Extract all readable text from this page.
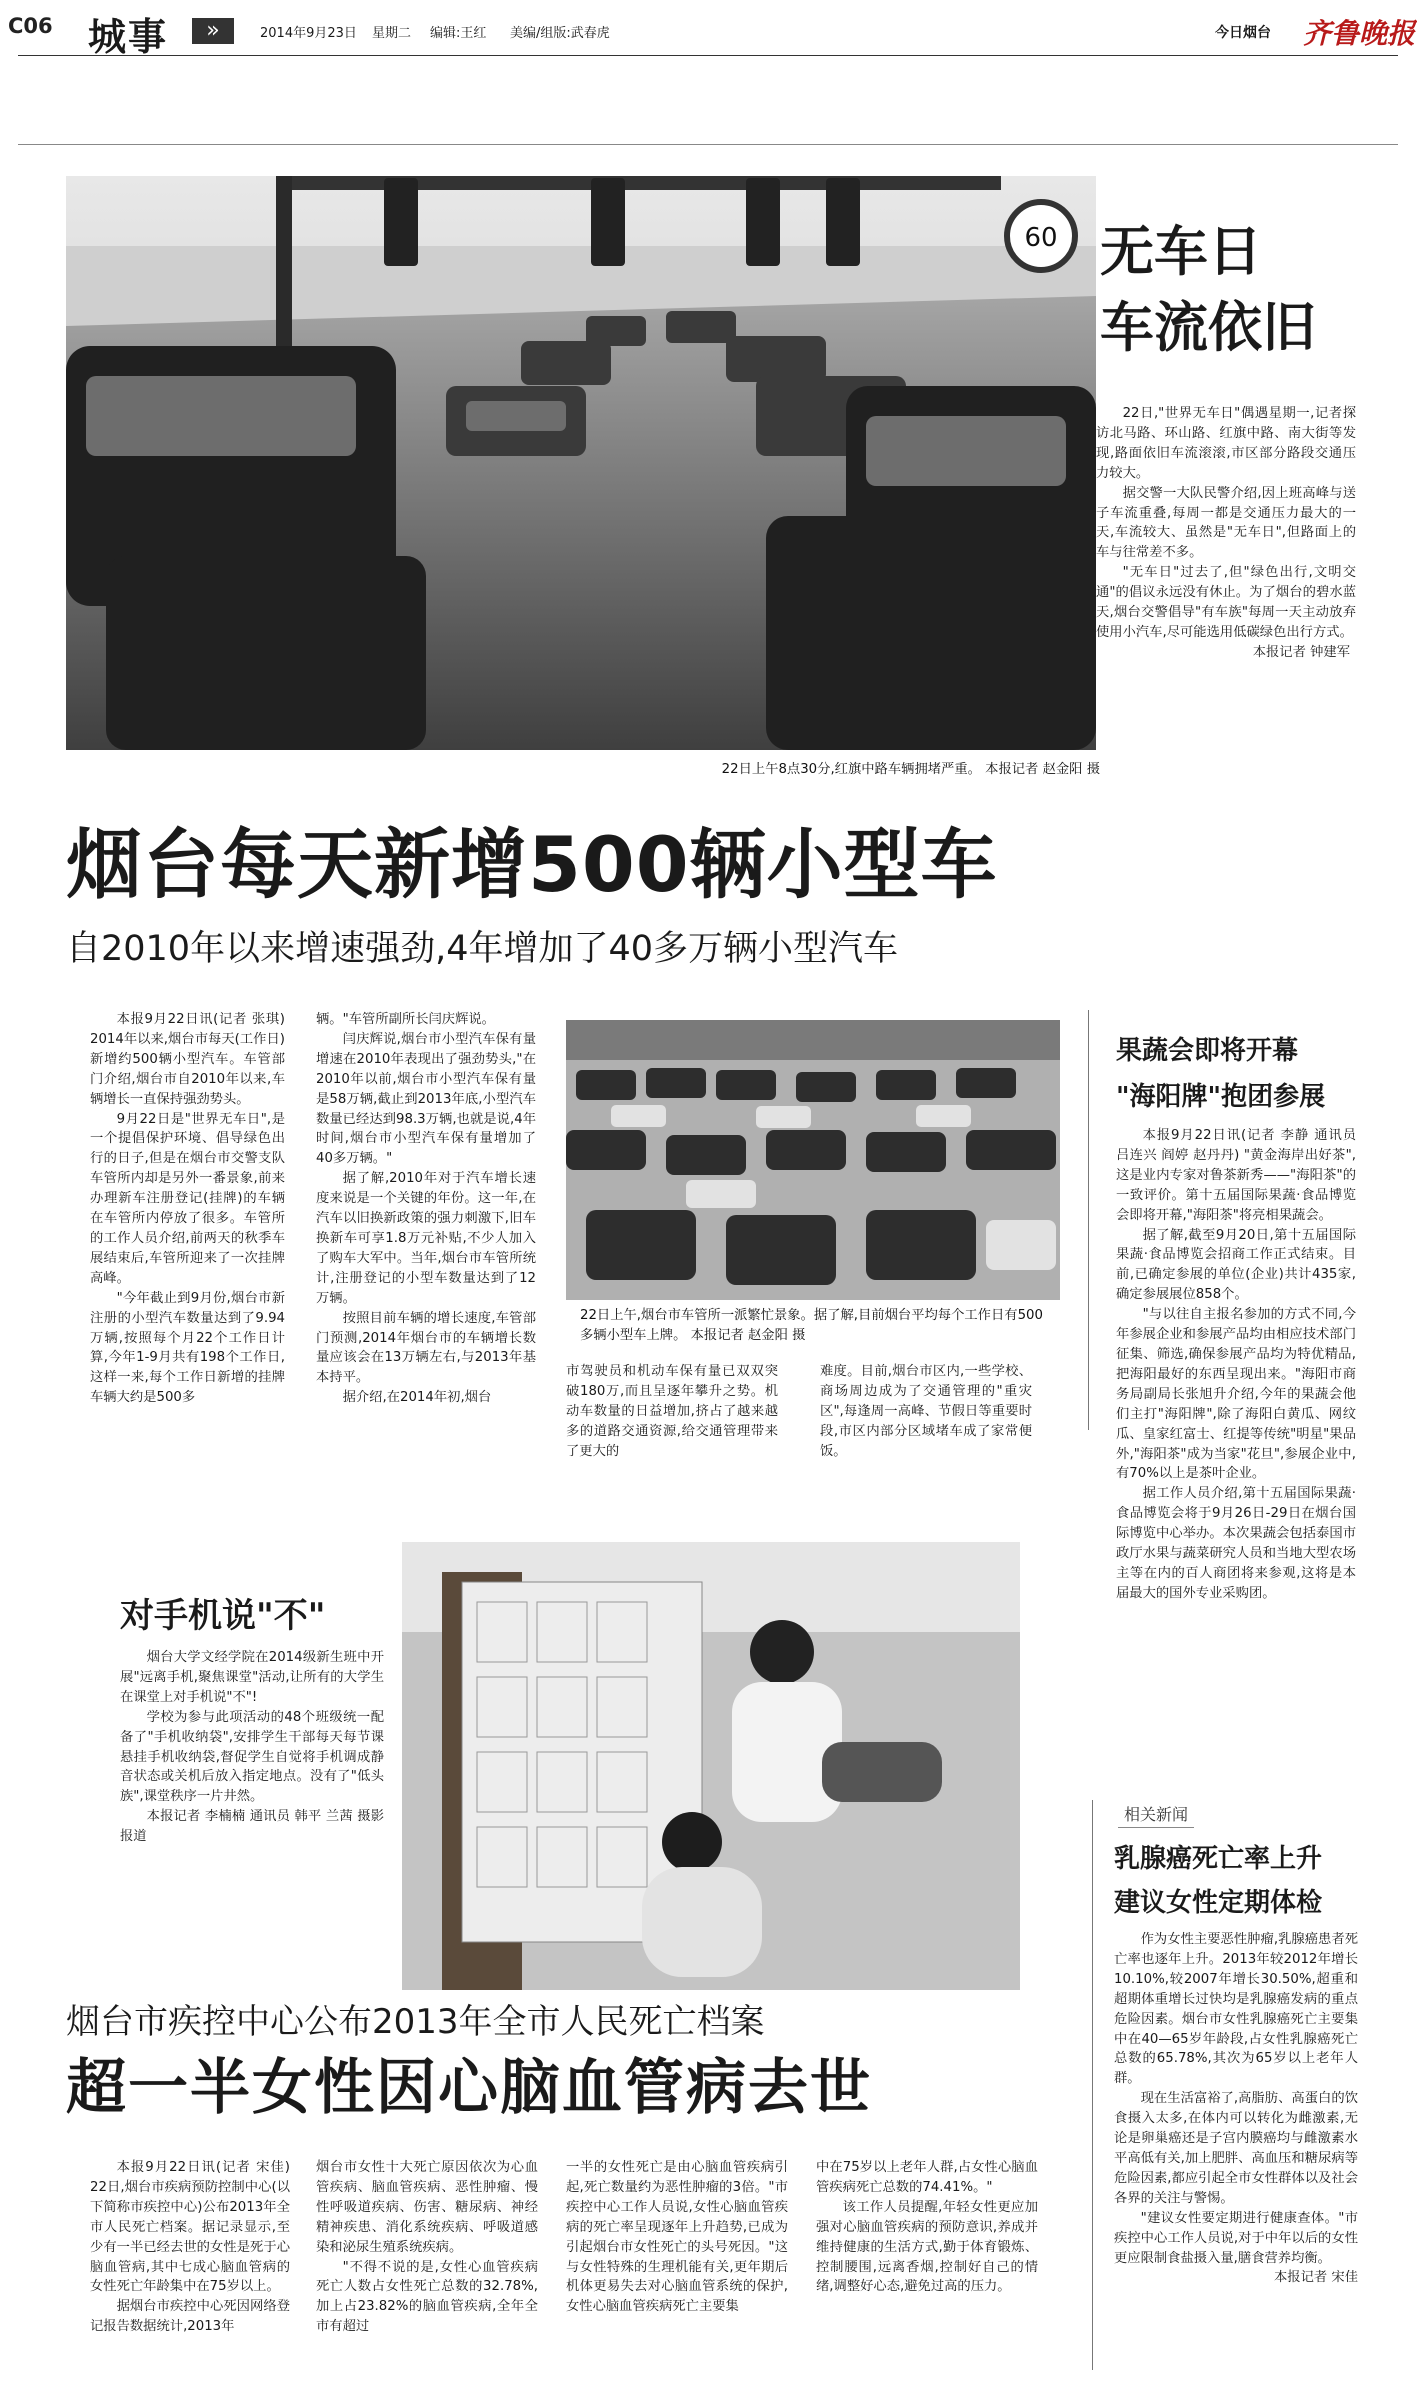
C06 城事	»	2014年9月23日 星期二 编辑:王红 美编/组版:武春虎	今日烟台 齐鲁晚报
60
22日上午8点30分,红旗中路车辆拥堵严重。 本报记者 赵金阳 摄
无车日
车流依旧

22日,"世界无车日"偶遇星期一,记者探访北马路、环山路、红旗中路、南大街等发现,路面依旧车流滚滚,市区部分路段交通压力较大。

据交警一大队民警介绍,因上班高峰与送子车流重叠,每周一都是交通压力最大的一天,车流较大、虽然是"无车日",但路面上的车与往常差不多。

"无车日"过去了,但"绿色出行,文明交通"的倡议永远没有休止。为了烟台的碧水蓝天,烟台交警倡导"有车族"每周一天主动放弃使用小汽车,尽可能选用低碳绿色出行方式。

本报记者 钟建军

烟台每天新增500辆小型车
自2010年以来增速强劲,4年增加了40多万辆小型汽车

本报9月22日讯(记者 张琪) 2014年以来,烟台市每天(工作日)新增约500辆小型汽车。车管部门介绍,烟台市自2010年以来,车辆增长一直保持强劲势头。

9月22日是"世界无车日",是一个提倡保护环境、倡导绿色出行的日子,但是在烟台市交警支队车管所内却是另外一番景象,前来办理新车注册登记(挂牌)的车辆在车管所内停放了很多。车管所的工作人员介绍,前两天的秋季车展结束后,车管所迎来了一次挂牌高峰。

"今年截止到9月份,烟台市新注册的小型汽车数量达到了9.94万辆,按照每个月22个工作日计算,今年1-9月共有198个工作日,这样一来,每个工作日新增的挂牌车辆大约是500多

辆。"车管所副所长闫庆辉说。

闫庆辉说,烟台市小型汽车保有量增速在2010年表现出了强劲势头,"在2010年以前,烟台市小型汽车保有量是58万辆,截止到2013年底,小型汽车数量已经达到98.3万辆,也就是说,4年时间,烟台市小型汽车保有量增加了40多万辆。"

据了解,2010年对于汽车增长速度来说是一个关键的年份。这一年,在汽车以旧换新政策的强力刺激下,旧车换新车可享1.8万元补贴,不少人加入了购车大军中。当年,烟台市车管所统计,注册登记的小型车数量达到了12万辆。

按照目前车辆的增长速度,车管部门预测,2014年烟台市的车辆增长数量应该会在13万辆左右,与2013年基本持平。

据介绍,在2014年初,烟台

22日上午,烟台市车管所一派繁忙景象。据了解,目前烟台平均每个工作日有500多辆小型车上牌。 本报记者 赵金阳 摄

市驾驶员和机动车保有量已双双突破180万,而且呈逐年攀升之势。机动车数量的日益增加,挤占了越来越多的道路交通资源,给交通管理带来了更大的

难度。目前,烟台市区内,一些学校、商场周边成为了交通管理的"重灾区",每逢周一高峰、节假日等重要时段,市区内部分区域堵车成了家常便饭。

果蔬会即将开幕
"海阳牌"抱团参展

本报9月22日讯(记者 李静 通讯员 吕连兴 阎婷 赵丹丹) "黄金海岸出好茶",这是业内专家对鲁茶新秀——"海阳茶"的一致评价。第十五届国际果蔬·食品博览会即将开幕,"海阳茶"将亮相果蔬会。

据了解,截至9月20日,第十五届国际果蔬·食品博览会招商工作正式结束。目前,已确定参展的单位(企业)共计435家,确定参展展位858个。

"与以往自主报名参加的方式不同,今年参展企业和参展产品均由相应技术部门征集、筛选,确保参展产品均为特优精品,把海阳最好的东西呈现出来。"海阳市商务局副局长张旭升介绍,今年的果蔬会他们主打"海阳牌",除了海阳白黄瓜、网纹瓜、皇家红富士、红提等传统"明星"果品外,"海阳茶"成为当家"花旦",参展企业中,有70%以上是茶叶企业。

据工作人员介绍,第十五届国际果蔬·食品博览会将于9月26日-29日在烟台国际博览中心举办。本次果蔬会包括泰国市政厅水果与蔬菜研究人员和当地大型农场主等在内的百人商团将来参观,这将是本届最大的国外专业采购团。

对手机说"不"

烟台大学文经学院在2014级新生班中开展"远离手机,聚焦课堂"活动,让所有的大学生在课堂上对手机说"不"!

学校为参与此项活动的48个班级统一配备了"手机收纳袋",安排学生干部每天每节课悬挂手机收纳袋,督促学生自觉将手机调成静音状态或关机后放入指定地点。没有了"低头族",课堂秩序一片井然。

本报记者 李楠楠 通讯员 韩平 兰茜 摄影报道

相关新闻
乳腺癌死亡率上升
建议女性定期体检

作为女性主要恶性肿瘤,乳腺癌患者死亡率也逐年上升。2013年较2012年增长10.10%,较2007年增长30.50%,超重和超期体重增长过快均是乳腺癌发病的重点危险因素。烟台市女性乳腺癌死亡主要集中在40—65岁年龄段,占女性乳腺癌死亡总数的65.78%,其次为65岁以上老年人群。

现在生活富裕了,高脂肪、高蛋白的饮食摄入太多,在体内可以转化为雌激素,无论是卵巢癌还是子宫内膜癌均与雌激素水平高低有关,加上肥胖、高血压和糖尿病等危险因素,都应引起全市女性群体以及社会各界的关注与警惕。

"建议女性要定期进行健康查体。"市疾控中心工作人员说,对于中年以后的女性更应限制食盐摄入量,膳食营养均衡。

本报记者 宋佳

烟台市疾控中心公布2013年全市人民死亡档案
超一半女性因心脑血管病去世

本报9月22日讯(记者 宋佳) 22日,烟台市疾病预防控制中心(以下简称市疾控中心)公布2013年全市人民死亡档案。据记录显示,至少有一半已经去世的女性是死于心脑血管病,其中七成心脑血管病的女性死亡年龄集中在75岁以上。

据烟台市疾控中心死因网络登记报告数据统计,2013年

烟台市女性十大死亡原因依次为心血管疾病、脑血管疾病、恶性肿瘤、慢性呼吸道疾病、伤害、糖尿病、神经精神疾患、消化系统疾病、呼吸道感染和泌尿生殖系统疾病。

"不得不说的是,女性心血管疾病死亡人数占女性死亡总数的32.78%,加上占23.82%的脑血管疾病,全年全市有超过

一半的女性死亡是由心脑血管疾病引起,死亡数量约为恶性肿瘤的3倍。"市疾控中心工作人员说,女性心脑血管疾病的死亡率呈现逐年上升趋势,已成为引起烟台市女性死亡的头号死因。"这与女性特殊的生理机能有关,更年期后机体更易失去对心脑血管系统的保护,女性心脑血管疾病死亡主要集

中在75岁以上老年人群,占女性心脑血管疾病死亡总数的74.41%。"

该工作人员提醒,年轻女性更应加强对心脑血管疾病的预防意识,养成并维持健康的生活方式,勤于体育锻炼、控制腰围,远离香烟,控制好自己的情绪,调整好心态,避免过高的压力。
